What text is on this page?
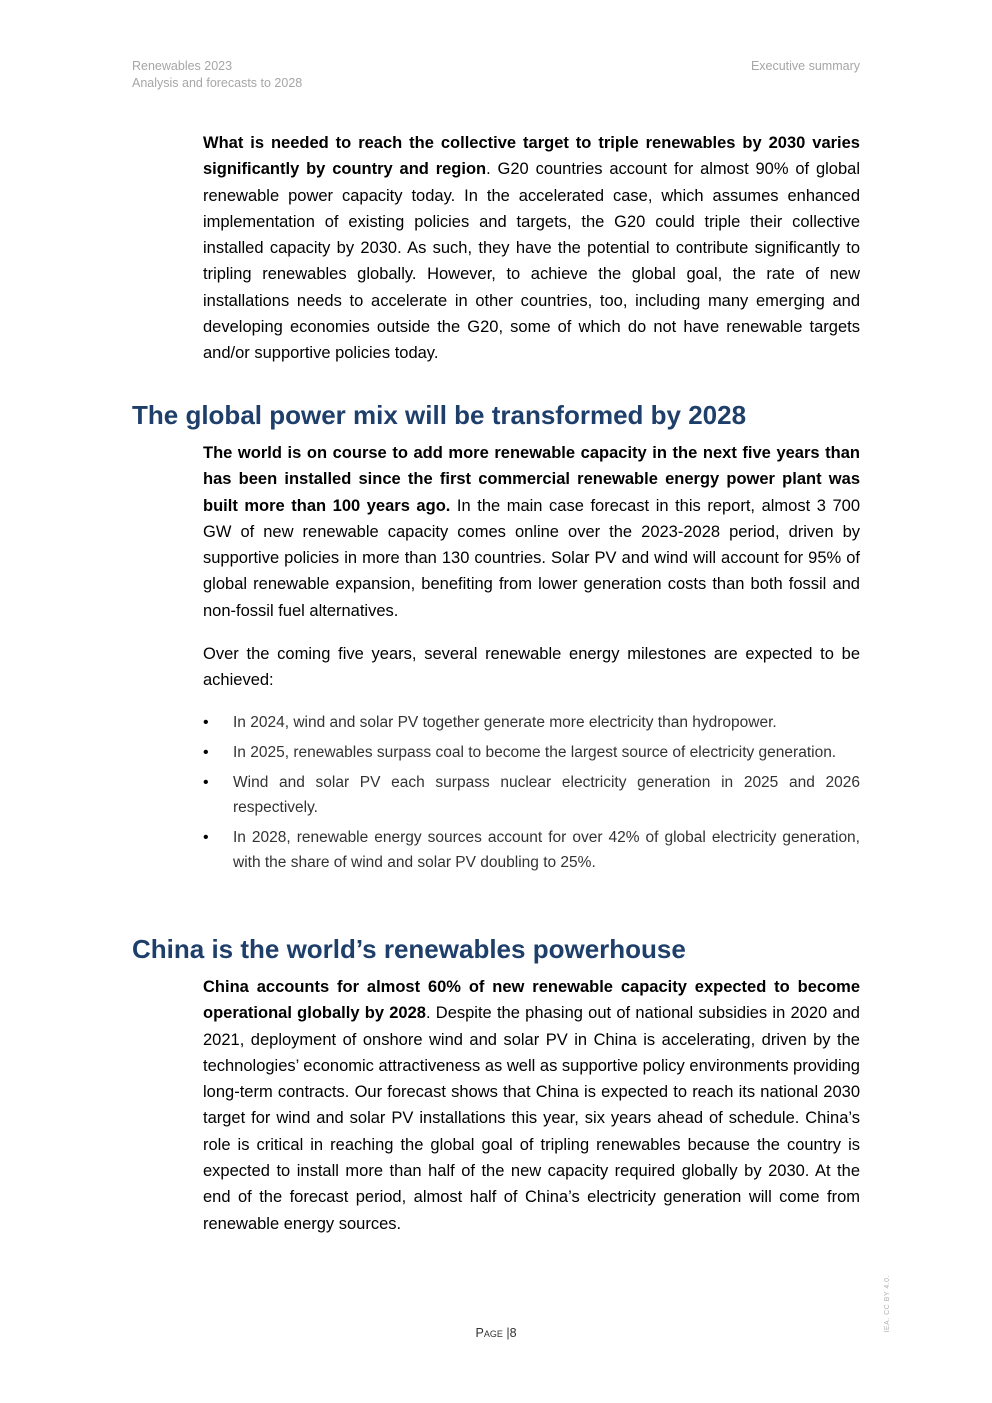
Renewables 2023
Analysis and forecasts to 2028
Executive summary

What is needed to reach the collective target to triple renewables by 2030 varies significantly by country and region. G20 countries account for almost 90% of global renewable power capacity today. In the accelerated case, which assumes enhanced implementation of existing policies and targets, the G20 could triple their collective installed capacity by 2030. As such, they have the potential to contribute significantly to tripling renewables globally. However, to achieve the global goal, the rate of new installations needs to accelerate in other countries, too, including many emerging and developing economies outside the G20, some of which do not have renewable targets and/or supportive policies today.

The global power mix will be transformed by 2028

The world is on course to add more renewable capacity in the next five years than has been installed since the first commercial renewable energy power plant was built more than 100 years ago. In the main case forecast in this report, almost 3 700 GW of new renewable capacity comes online over the 2023-2028 period, driven by supportive policies in more than 130 countries. Solar PV and wind will account for 95% of global renewable expansion, benefiting from lower generation costs than both fossil and non-fossil fuel alternatives.

Over the coming five years, several renewable energy milestones are expected to be achieved:

• In 2024, wind and solar PV together generate more electricity than hydropower.
• In 2025, renewables surpass coal to become the largest source of electricity generation.
• Wind and solar PV each surpass nuclear electricity generation in 2025 and 2026 respectively.
• In 2028, renewable energy sources account for over 42% of global electricity generation, with the share of wind and solar PV doubling to 25%.
China is the world’s renewables powerhouse

China accounts for almost 60% of new renewable capacity expected to become operational globally by 2028. Despite the phasing out of national subsidies in 2020 and 2021, deployment of onshore wind and solar PV in China is accelerating, driven by the technologies’ economic attractiveness as well as supportive policy environments providing long-term contracts. Our forecast shows that China is expected to reach its national 2030 target for wind and solar PV installations this year, six years ahead of schedule. China’s role is critical in reaching the global goal of tripling renewables because the country is expected to install more than half of the new capacity required globally by 2030. At the end of the forecast period, almost half of China’s electricity generation will come from renewable energy sources.

IEA. CC BY 4.0.
Page |8
